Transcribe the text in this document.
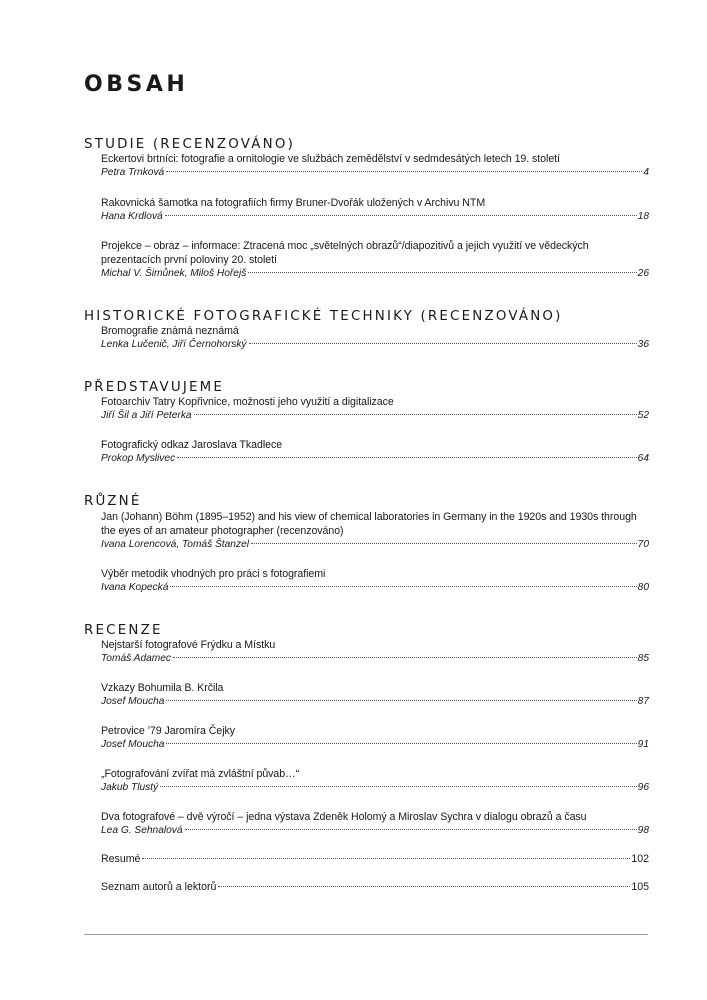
OBSAH
STUDIE (RECENZOVÁNO)
Eckertovi brtníci: fotografie a ornitologie ve službách zemědělství v sedmdesátých letech 19. století
Petra Trnková	4
Rakovnická šamotka na fotografiích firmy Bruner-Dvořák uložených v Archivu NTM
Hana Krdlová	18
Projekce – obraz – informace: Ztracená moc „světelných obrazů“/diapozitivů a jejich využití ve vědeckých prezentacích první poloviny 20. století
Michal V. Šimůnek, Miloš Hořejš	26
HISTORICKÉ FOTOGRAFICKÉ TECHNIKY (RECENZOVÁNO)
Bromografie známá neznámá
Lenka Lučenič, Jiří Černohorský	36
PŘEDSTAVUJEME
Fotoarchiv Tatry Kopřivnice, možnosti jeho využití a digitalizace
Jiří Šil a Jiří Peterka	52
Fotografický odkaz Jaroslava Tkadlece
Prokop Myslivec	64
RŮZNÉ
Jan (Johann) Böhm (1895–1952) and his view of chemical laboratories in Germany in the 1920s and 1930s through the eyes of an amateur photographer (recenzováno)
Ivana Lorencová, Tomáš Štanzel	70
Výběr metodik vhodných pro práci s fotografiemi
Ivana Kopecká	80
RECENZE
Nejstarší fotografové Frýdku a Místku
Tomáš Adamec	85
Vzkazy Bohumila B. Krčila
Josef Moucha	87
Petrovice ’79 Jaromíra Čejky
Josef Moucha	91
„Fotografování zvířat má zvláštní půvab…“
Jakub Tlustý	96
Dva fotografové – dvě výročí – jedna výstava Zdeněk Holomý a Miroslav Sychra v dialogu obrazů a času
Lea G. Sehnalová	98
Resumé	102
Seznam autorů a lektorů	105
